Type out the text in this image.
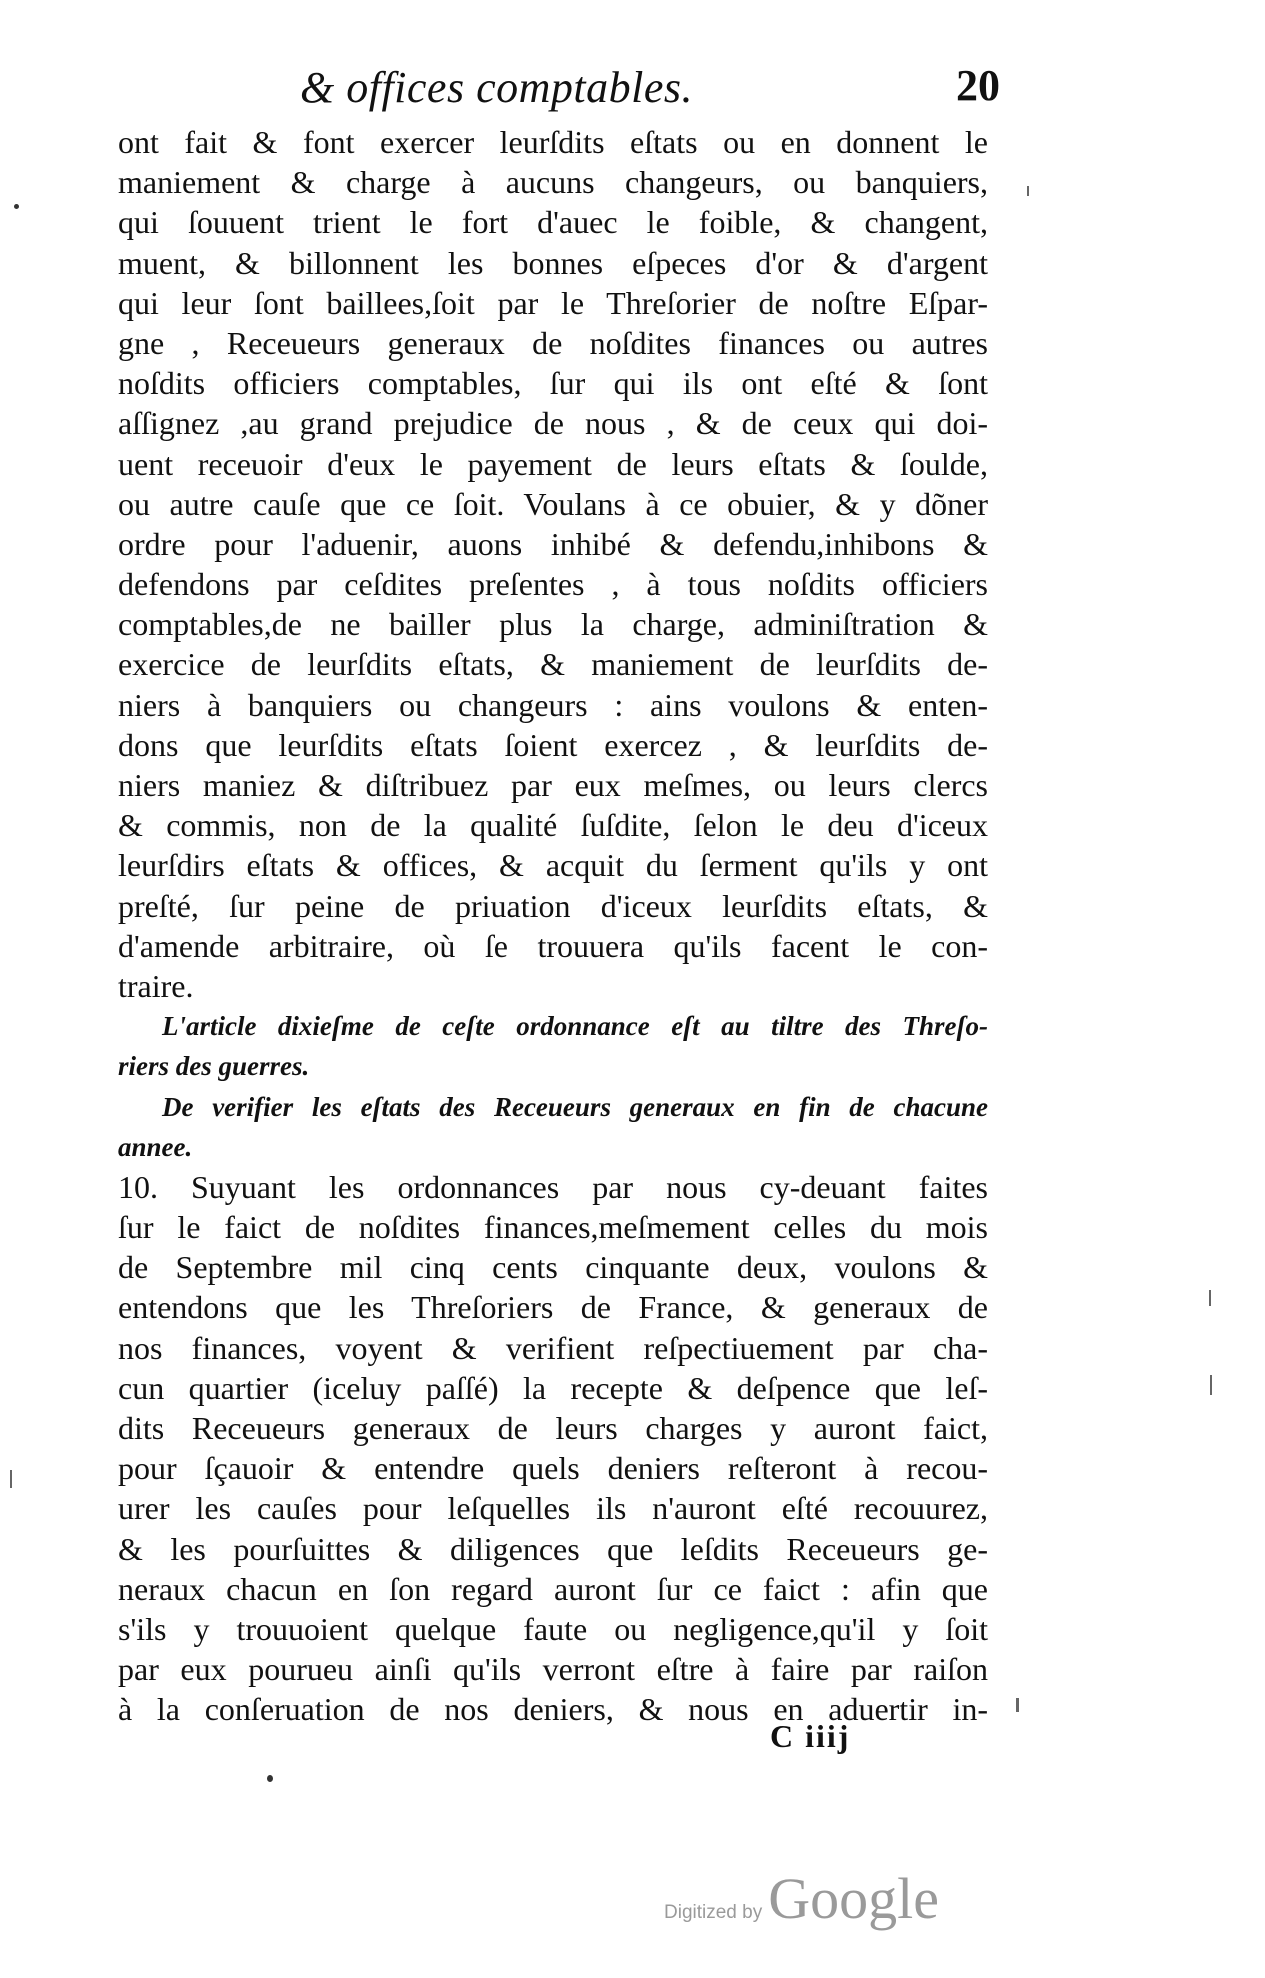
& offices comptables.	20
ont fait & font exercer leurſdits eſtats ou en donnent le
maniement & charge à aucuns changeurs, ou banquiers,
qui ſouuent trient le fort d'auec le foible, & changent,
muent, & billonnent les bonnes eſpeces d'or & d'argent
qui leur ſont baillees,ſoit par le Threſorier de noſtre Eſpar-
gne , Receueurs generaux de noſdites finances ou autres
noſdits officiers comptables, ſur qui ils ont eſté & ſont
aſſignez ,au grand prejudice de nous , & de ceux qui doi-
uent receuoir d'eux le payement de leurs eſtats & ſoulde,
ou autre cauſe que ce ſoit. Voulans à ce obuier, & y dõner
ordre pour l'aduenir, auons inhibé & defendu,inhibons &
defendons par ceſdites preſentes , à tous noſdits officiers
comptables,de ne bailler plus la charge, adminiſtration &
exercice de leurſdits eſtats, & maniement de leurſdits de-
niers à banquiers ou changeurs : ains voulons & enten-
dons que leurſdits eſtats ſoient exercez , & leurſdits de-
niers maniez & diſtribuez par eux meſmes, ou leurs clercs
& commis, non de la qualité ſuſdite, ſelon le deu d'iceux
leurſdirs eſtats & offices, & acquit du ſerment qu'ils y ont
preſté, ſur peine de priuation d'iceux leurſdits eſtats, &
d'amende arbitraire, où ſe trouuera qu'ils facent le con-
traire.
L'article dixieſme de ceſte ordonnance eſt au tiltre des Threſo-
riers des guerres.
De verifier les eſtats des Receueurs generaux en fin de chacune
annee.
10. Suyuant les ordonnances par nous cy-deuant faites
ſur le faict de noſdites finances,meſmement celles du mois
de Septembre mil cinq cents cinquante deux, voulons &
entendons que les Threſoriers de France, & generaux de
nos finances, voyent & verifient reſpectiuement par cha-
cun quartier (iceluy paſſé) la recepte & deſpence que leſ-
dits Receueurs generaux de leurs charges y auront faict,
pour ſçauoir & entendre quels deniers reſteront à recou-
urer les cauſes pour leſquelles ils n'auront eſté recouurez,
& les pourſuittes & diligences que leſdits Receueurs ge-
neraux chacun en ſon regard auront ſur ce faict : afin que
s'ils y trouuoient quelque faute ou negligence,qu'il y ſoit
par eux pourueu ainſi qu'ils verront eſtre à faire par raiſon
à la conſeruation de nos deniers, & nous en aduertir in-
C iiij
Digitized by Google
